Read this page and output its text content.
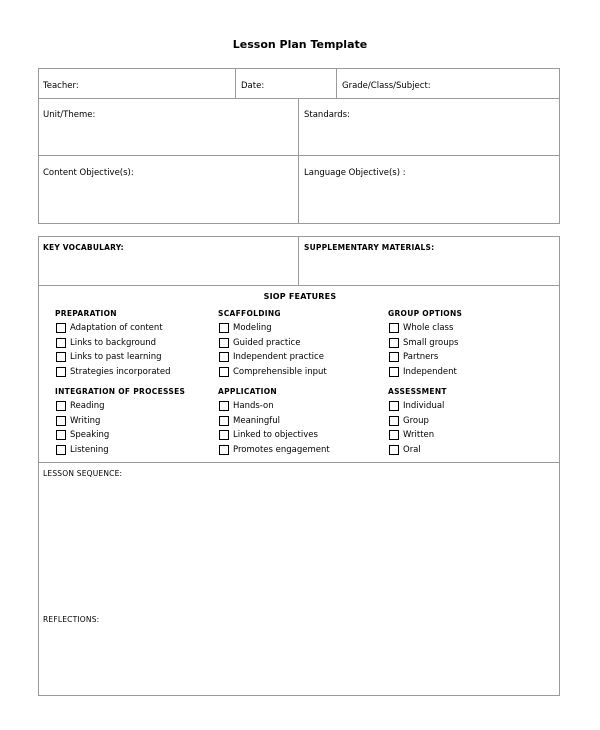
Lesson Plan Template
Teacher:	Date:	Grade/Class/Subject:
Unit/Theme:	Standards:
Content Objective(s):	Language Objective(s) :
KEY VOCABULARY:	SUPPLEMENTARY MATERIALS:
SIOP FEATURES
PREPARATION
Adaptation of content
Links to background
Links to past learning
Strategies incorporated
SCAFFOLDING
Modeling
Guided practice
Independent practice
Comprehensible input
GROUP OPTIONS
Whole class
Small groups
Partners
Independent
INTEGRATION OF PROCESSES
Reading
Writing
Speaking
Listening
APPLICATION
Hands-on
Meaningful
Linked to objectives
Promotes engagement
ASSESSMENT
Individual
Group
Written
Oral
LESSON SEQUENCE:
REFLECTIONS:
